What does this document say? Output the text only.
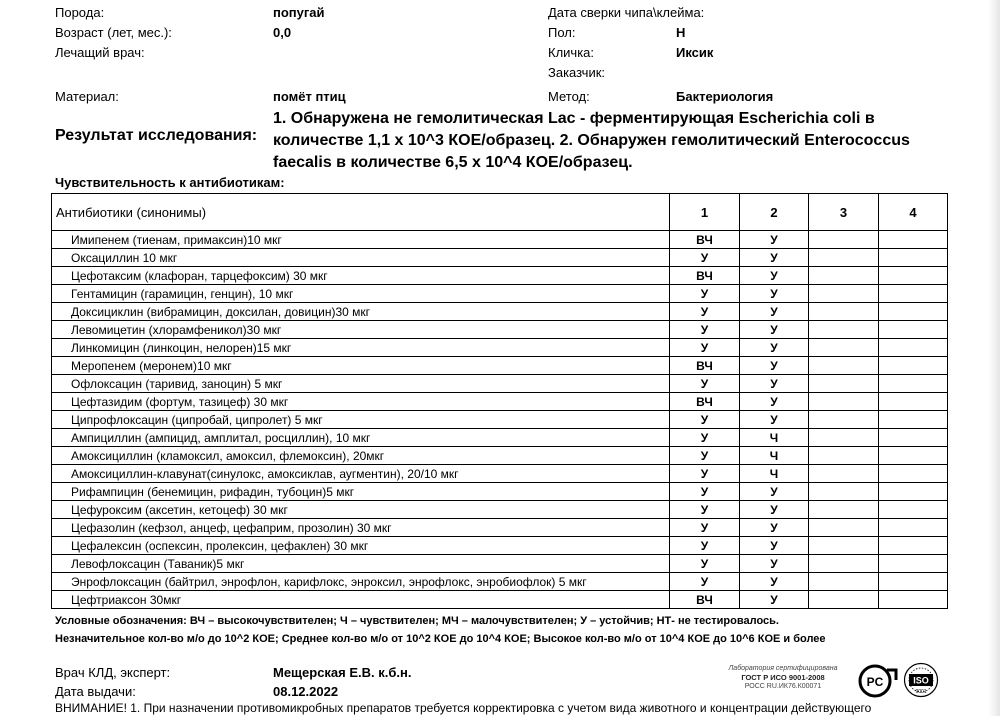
Порода:	попугай	Дата сверки чипа\клейма:
Возраст (лет, мес.):	0,0	Пол:	Н
Лечащий врач:	Кличка:	Иксик
Заказчик:
Материал:	помёт птиц	Метод:	Бактериология
Результат исследования:
1. Обнаружена не гемолитическая Lac - ферментирующая Escherichia coli в количестве 1,1 х 10^3 КОЕ/образец. 2. Обнаружен гемолитический Enterococcus faecalis в количестве 6,5 х 10^4 КОЕ/образец.
Чувствительность к антибиотикам:
Антибиотики (синонимы)	1	2	3	4
Имипенем (тиенам, примаксин)10 мкг	ВЧ	У		
Оксациллин 10 мкг	У	У		
Цефотаксим (клафоран, тарцефоксим) 30 мкг	ВЧ	У		
Гентамицин (гарамицин, генцин), 10 мкг	У	У		
Доксициклин (вибрамицин, доксилан, довицин)30 мкг	У	У		
Левомицетин (хлорамфеникол)30 мкг	У	У		
Линкомицин (линкоцин, нелорен)15 мкг	У	У		
Меропенем (меронем)10 мкг	ВЧ	У		
Офлоксацин (таривид, заноцин) 5 мкг	У	У		
Цефтазидим (фортум, тазицеф) 30 мкг	ВЧ	У		
Ципрофлоксацин (ципробай, ципролет) 5 мкг	У	У		
Ампициллин (ампицид, амплитал, росциллин), 10 мкг	У	Ч		
Амоксициллин (кламоксил, амоксил, флемоксин), 20мкг	У	Ч		
Амоксициллин-клавунат(синулокс, амоксиклав, аугментин), 20/10 мкг	У	Ч		
Рифампицин (бенемицин, рифадин, тубоцин)5 мкг	У	У		
Цефуроксим (аксетин, кетоцеф) 30 мкг	У	У		
Цефазолин (кефзол, анцеф, цефаприм, прозолин) 30 мкг	У	У		
Цефалексин (оспексин, пролексин, цефаклен) 30 мкг	У	У		
Левофлоксацин (Таваник)5 мкг	У	У		
Энрофлоксацин (байтрил, энрофлон, карифлокс, энроксил, энрофлокс, энробиофлок) 5 мкг	У	У		
Цефтриаксон 30мкг	ВЧ	У		
Условные обозначения: ВЧ – высокочувствителен; Ч – чувствителен; МЧ – малочувствителен; У – устойчив; НТ- не тестировалось.
Незначительное кол-во м/о до 10^2 КОЕ; Среднее кол-во м/о от 10^2 КОЕ до 10^4 КОЕ; Высокое кол-во м/о от 10^4 КОЕ до 10^6 КОЕ и более
Врач КЛД, эксперт:	Мещерская Е.В. к.б.н.
Дата выдачи:	08.12.2022
Лаборатория сертифицирована
ГОСТ Р ИСО 9001-2008
РОСС RU.ИК76.К00071	PC	ISO
9001
ВНИМАНИЕ! 1. При назначении противомикробных препаратов требуется корректировка с учетом вида животного и концентрации действующего
